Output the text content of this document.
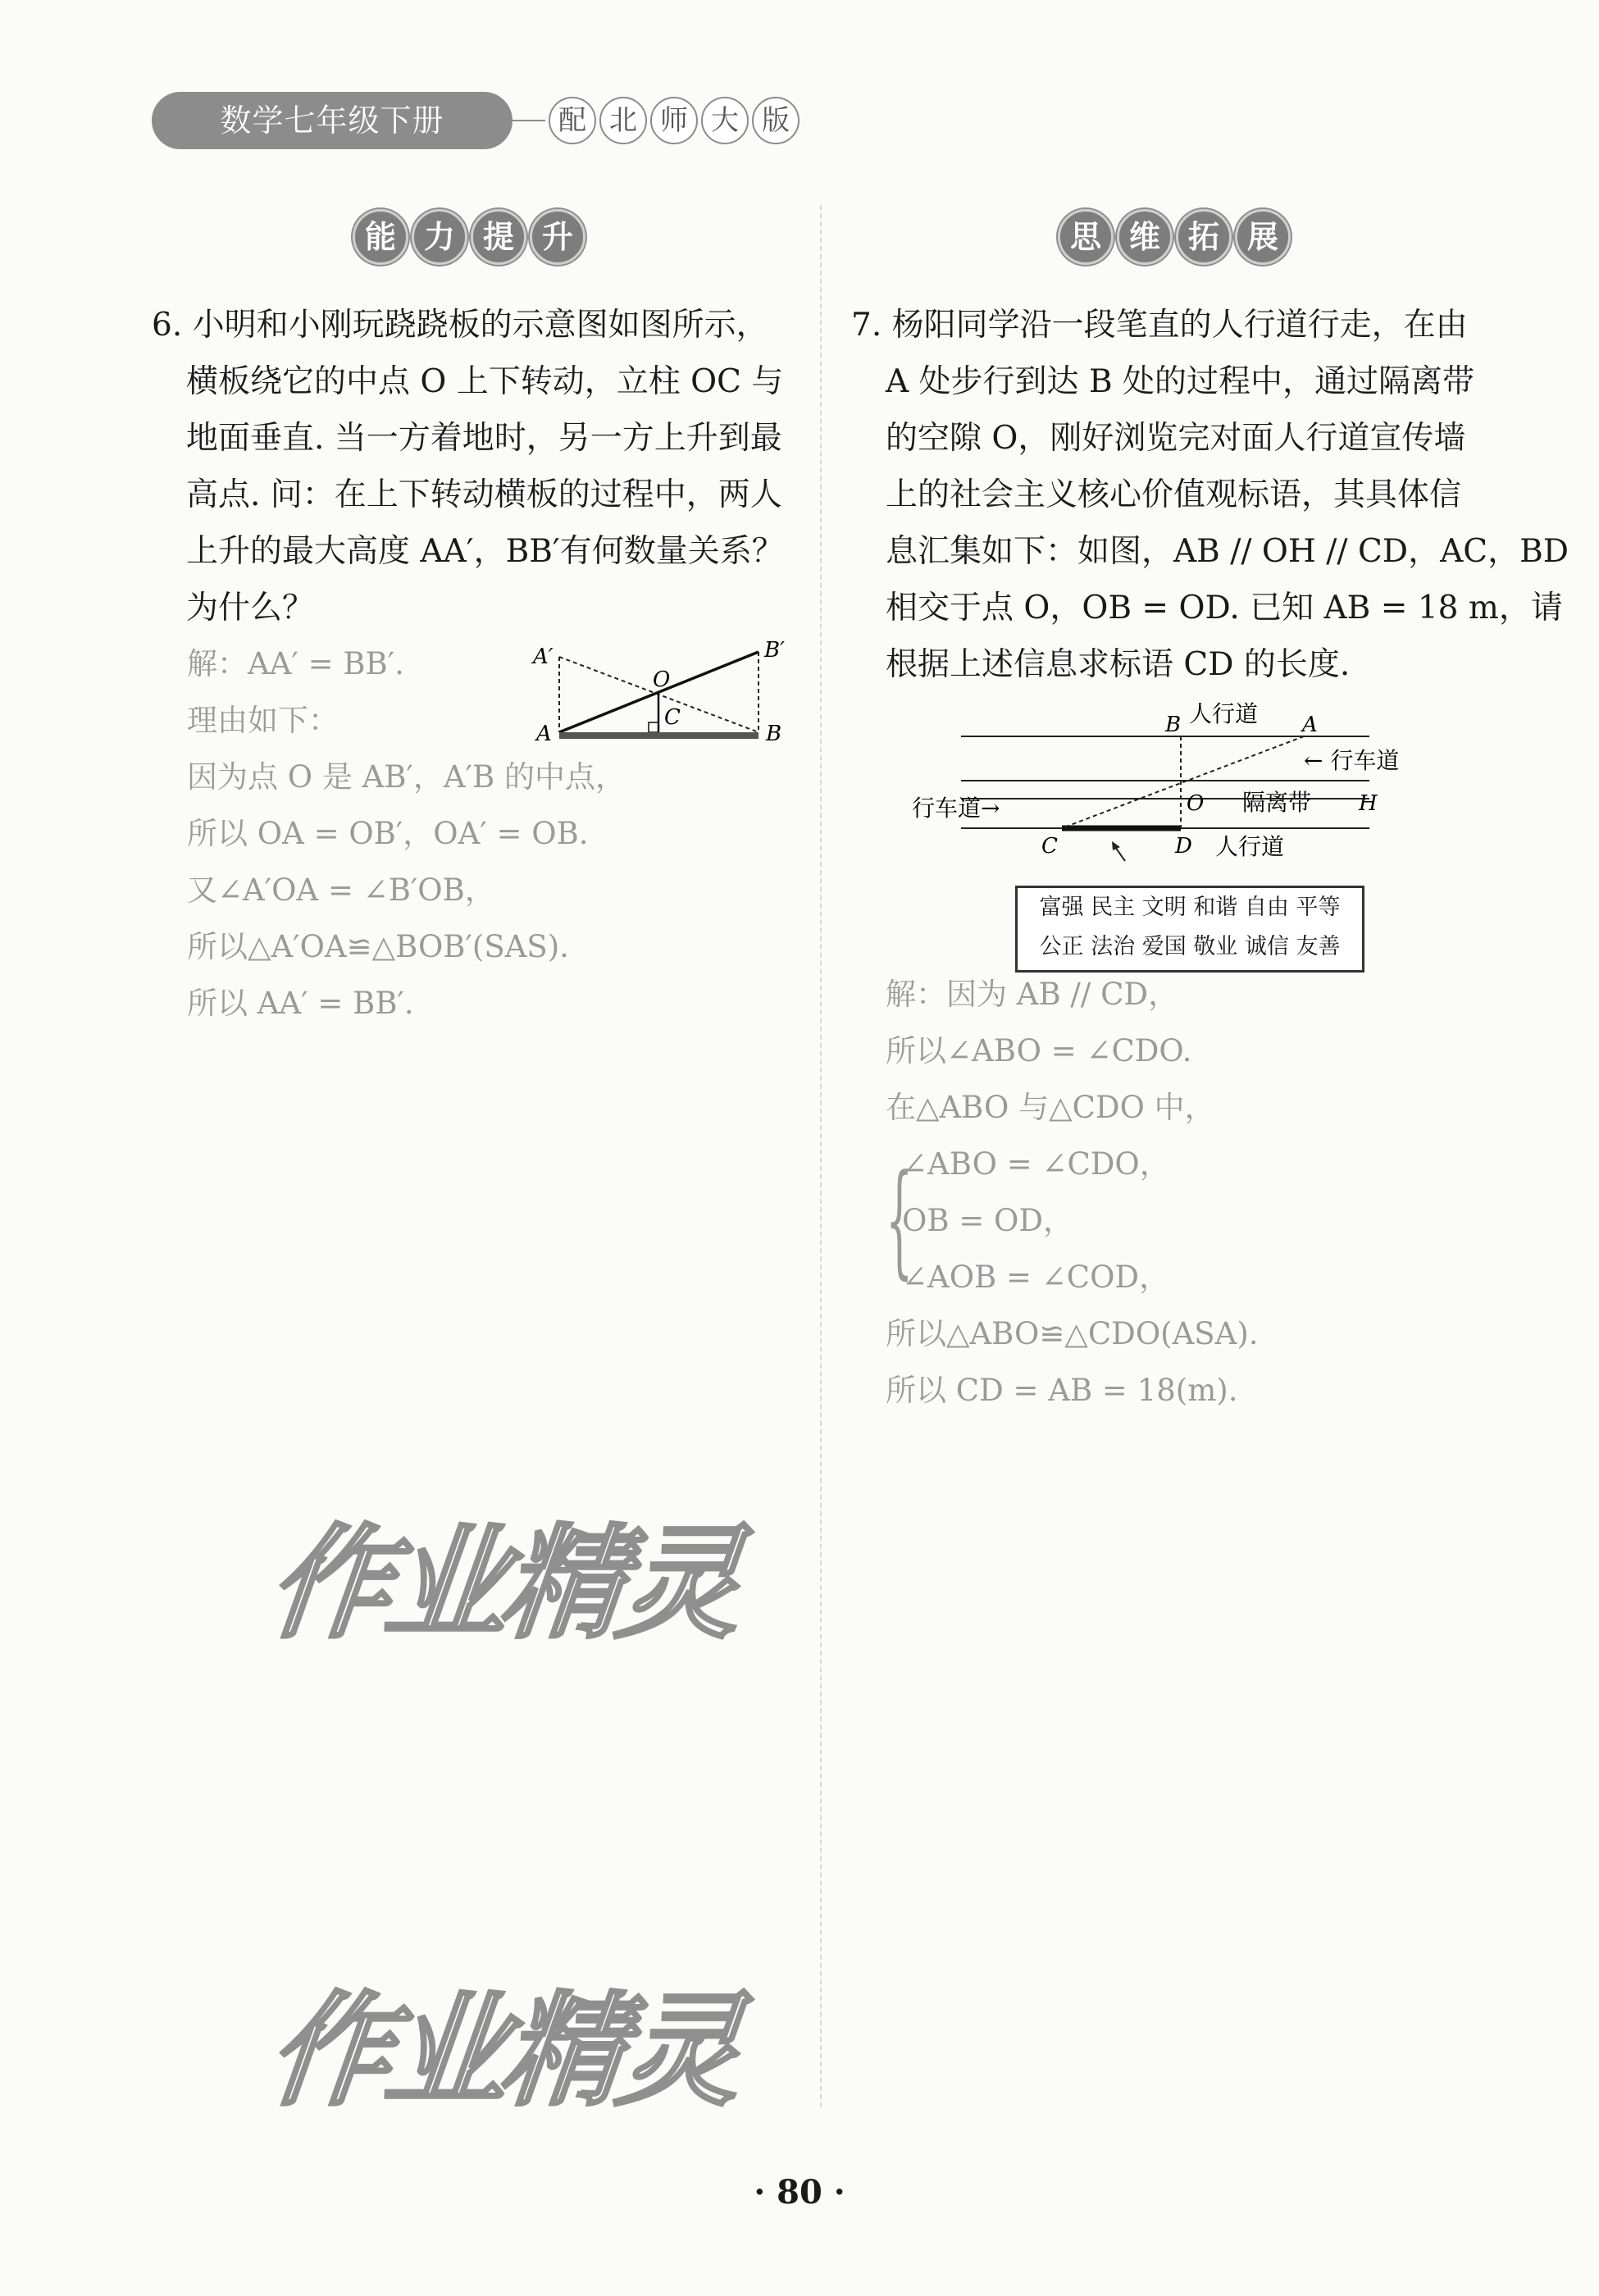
数学七年级下册	配 北 师 大 版
能 力 提 升	思 维 拓 展

6. 小明和小刚玩跷跷板的示意图如图所示，

横板绕它的中点 O 上下转动，立柱 OC 与

地面垂直. 当一方着地时，另一方上升到最

高点. 问：在上下转动横板的过程中，两人

上升的最大高度 AA′，BB′有何数量关系？

为什么？

解：AA′ = BB′.

理由如下：

因为点 O 是 AB′，A′B 的中点，

所以 OA = OB′，OA′ = OB.

又∠A′OA = ∠B′OB，

所以△A′OA≌△BOB′(SAS).

所以 AA′ = BB′.

A′	B′
O
C
A	B

7. 杨阳同学沿一段笔直的人行道行走，在由

A 处步行到达 B 处的过程中，通过隔离带

的空隙 O，刚好浏览完对面人行道宣传墙

上的社会主义核心价值观标语，其具体信

息汇集如下：如图，AB // OH // CD，AC，BD

相交于点 O，OB = OD. 已知 AB = 18 m，请

根据上述信息求标语 CD 的长度.

B	A
人行道
← 行车道
O 隔离带 H
行车道→
C	D 人行道
富强 民主 文明 和谐 自由 平等
公正 法治 爱国 敬业 诚信 友善

解：因为 AB // CD，

所以∠ABO = ∠CDO.

在△ABO 与△CDO 中，

{

∠ABO = ∠CDO，

OB = OD，

∠AOB = ∠COD，

所以△ABO≌△CDO(ASA).

所以 CD = AB = 18(m).

作业精灵
作业精灵
· 80 ·
